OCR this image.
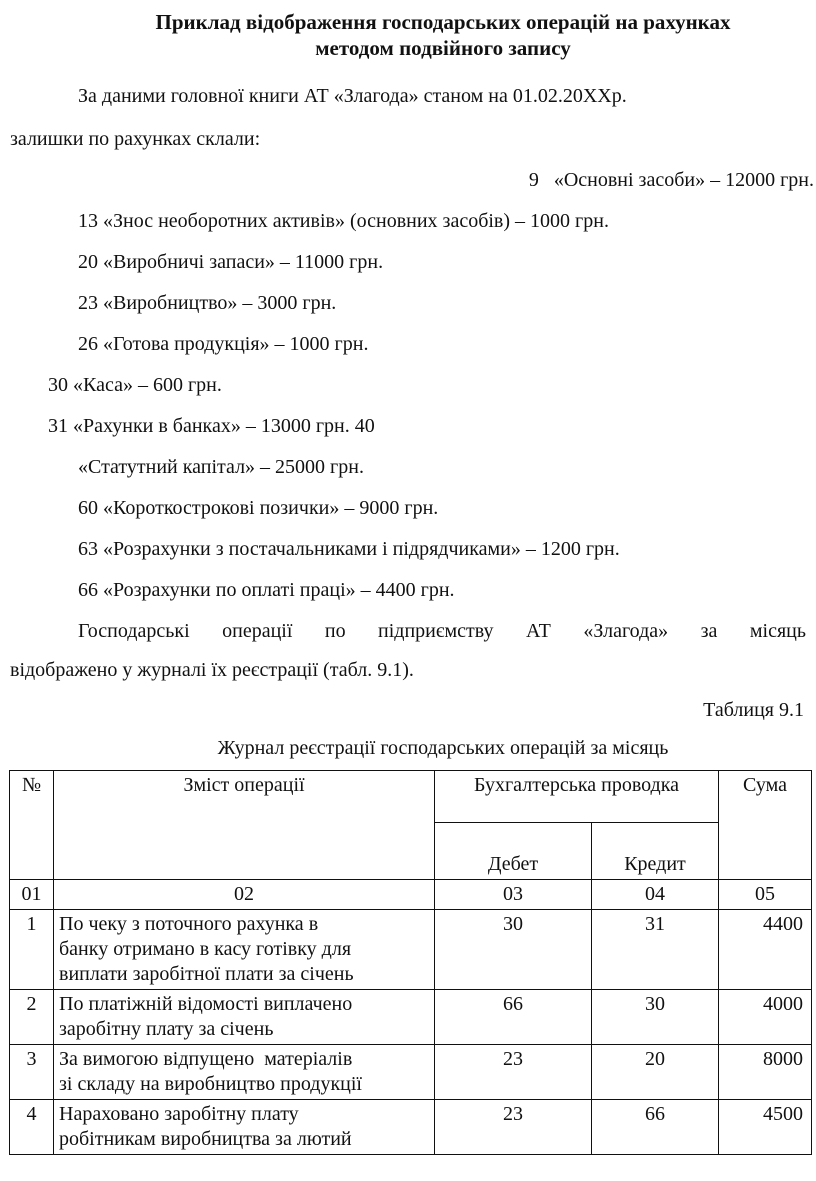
Приклад відображення господарських операцій на рахунках
методом подвійного запису
За даними головної книги АТ «Злагода» станом на 01.02.20ХХр.
залишки по рахунках склали:
9   «Основні засоби» – 12000 грн.
13 «Знос необоротних активів» (основних засобів) – 1000 грн.
20 «Виробничі запаси» – 11000 грн.
23 «Виробництво» – 3000 грн.
26 «Готова продукція» – 1000 грн.
30 «Каса» – 600 грн.
31 «Рахунки в банках» – 13000 грн. 40
«Статутний капітал» – 25000 грн.
60 «Короткострокові позички» – 9000 грн.
63 «Розрахунки з постачальниками і підрядчиками» – 1200 грн.
66 «Розрахунки по оплаті праці» – 4400 грн.
Господарські операції по підприємству АТ «Злагода» за місяць
відображено у журналі їх реєстрації (табл. 9.1).
Таблиця 9.1
Журнал реєстрації господарських операцій за місяць
№	Зміст операції	Бухгалтерська проводка		Сума
		Дебет	Кредит	
01	02	03	04	05
1	По чеку з поточного рахунка в
банку отримано в касу готівку для
виплати заробітної плати за січень	30	31	4400
2	По платіжній відомості виплачено
заробітну плату за січень	66	30	4000
3	За вимогою відпущено  матеріалів
зі складу на виробництво продукції	23	20	8000
4	Нараховано заробітну плату
робітникам виробництва за лютий	23	66	4500
